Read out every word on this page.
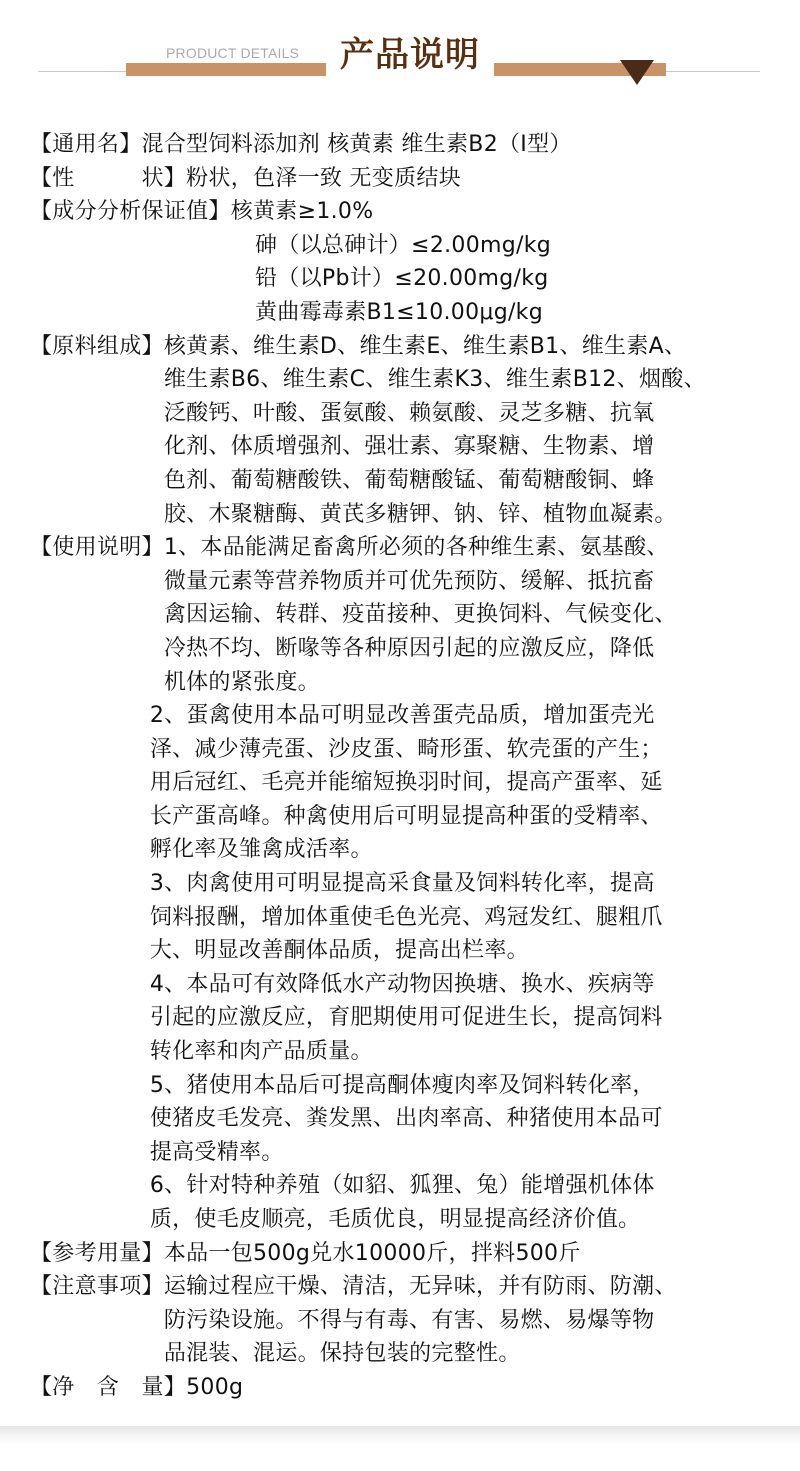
PRODUCT DETAILS	产品说明
【通用名】 混合型饲料添加剂 核黄素 维生素B2（Ⅰ型）
【性　　　状】 粉状，色泽一致 无变质结块
【成分分析保证值】 核黄素≥1.0%
砷（以总砷计）≤2.00mg/kg
铅（以Pb计）≤20.00mg/kg
黄曲霉毒素B1≤10.00μg/kg
【原料组成】 核黄素、维生素D、维生素E、维生素B1、维生素A、
维生素B6、维生素C、维生素K3、维生素B12、烟酸、
泛酸钙、叶酸、蛋氨酸、赖氨酸、灵芝多糖、抗氧
化剂、体质增强剂、强壮素、寡聚糖、生物素、增
色剂、葡萄糖酸铁、葡萄糖酸锰、葡萄糖酸铜、蜂
胶、木聚糖酶、黄芪多糖钾、钠、锌、植物血凝素。
【使用说明】 1、本品能满足畜禽所必须的各种维生素、氨基酸、
微量元素等营养物质并可优先预防、缓解、抵抗畜
禽因运输、转群、疫苗接种、更换饲料、气候变化、
冷热不均、断喙等各种原因引起的应激反应，降低
机体的紧张度。
2、蛋禽使用本品可明显改善蛋壳品质，增加蛋壳光
泽、减少薄壳蛋、沙皮蛋、畸形蛋、软壳蛋的产生；
用后冠红、毛亮并能缩短换羽时间，提高产蛋率、延
长产蛋高峰。种禽使用后可明显提高种蛋的受精率、
孵化率及雏禽成活率。
3、肉禽使用可明显提高采食量及饲料转化率，提高
饲料报酬，增加体重使毛色光亮、鸡冠发红、腿粗爪
大、明显改善酮体品质，提高出栏率。
4、本品可有效降低水产动物因换塘、换水、疾病等
引起的应激反应，育肥期使用可促进生长，提高饲料
转化率和肉产品质量。
5、猪使用本品后可提高酮体瘦肉率及饲料转化率，
使猪皮毛发亮、粪发黑、出肉率高、种猪使用本品可
提高受精率。
6、针对特种养殖（如貂、狐狸、兔）能增强机体体
质，使毛皮顺亮，毛质优良，明显提高经济价值。
【参考用量】 本品一包500g兑水10000斤，拌料500斤
【注意事项】 运输过程应干燥、清洁，无异味，并有防雨、防潮、
防污染设施。不得与有毒、有害、易燃、易爆等物
品混装、混运。保持包装的完整性。
【净　含　量】 500g
